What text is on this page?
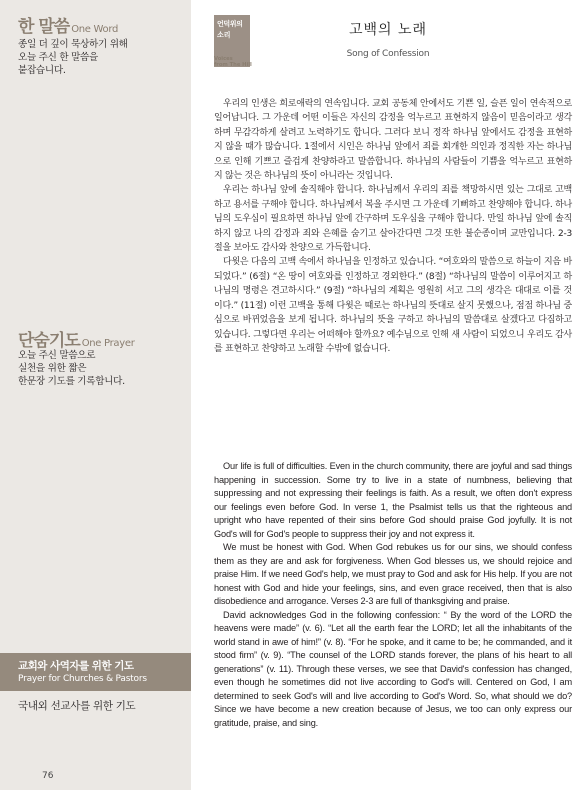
한 말씀 One Word
종일 더 깊이 묵상하기 위해
오늘 주신 한 말씀을
붙잡습니다.
단숨기도 One Prayer
오늘 주신 말씀으로
실천을 위한 짧은
한문장 기도를 기록합니다.
교회와 사역자를 위한 기도
Prayer for Churches & Pastors
국내외 선교사를 위한 기도
76
언덕위의
소리
Voices
from The Hill
고백의 노래
Song of Confession

우리의 인생은 희로애락의 연속입니다. 교회 공동체 안에서도 기쁜 일, 슬픈 일이 연속적으로 일어납니다. 그 가운데 어떤 이들은 자신의 감정을 억누르고 표현하지 않음이 믿음이라고 생각하며 무감각하게 살려고 노력하기도 합니다. 그러다 보니 정작 하나님 앞에서도 감정을 표현하지 않을 때가 많습니다. 1절에서 시인은 하나님 앞에서 죄를 회개한 의인과 정직한 자는 하나님으로 인해 기쁘고 즐겁게 찬양하라고 말씀합니다. 하나님의 사람들이 기쁨을 억누르고 표현하지 않는 것은 하나님의 뜻이 아니라는 것입니다.

우리는 하나님 앞에 솔직해야 합니다. 하나님께서 우리의 죄를 책망하시면 있는 그대로 고백하고 용서를 구해야 합니다. 하나님께서 복을 주시면 그 가운데 기뻐하고 찬양해야 합니다. 하나님의 도우심이 필요하면 하나님 앞에 간구하며 도우심을 구해야 합니다. 만일 하나님 앞에 솔직하지 않고 나의 감정과 죄와 은혜를 숨기고 살아간다면 그것 또한 불순종이며 교만입니다. 2-3절을 보아도 감사와 찬양으로 가득합니다.

다윗은 다음의 고백 속에서 하나님을 인정하고 있습니다. “여호와의 말씀으로 하늘이 지음 바 되었다.” (6절) “온 땅이 여호와를 인정하고 경외한다.” (8절) “하나님의 말씀이 이루어지고 하나님의 명령은 견고하시다.” (9절) “하나님의 계획은 영원히 서고 그의 생각은 대대로 이를 것이다.” (11절) 이런 고백을 통해 다윗은 때로는 하나님의 뜻대로 살지 못했으나, 점점 하나님 중심으로 바뀌었음을 보게 됩니다. 하나님의 뜻을 구하고 하나님의 말씀대로 살겠다고 다짐하고 있습니다. 그렇다면 우리는 어떠해야 할까요? 예수님으로 인해 새 사람이 되었으니 우리도 감사를 표현하고 찬양하고 노래할 수밖에 없습니다.

Our life is full of difficulties. Even in the church community, there are joyful and sad things happening in succession. Some try to live in a state of numbness, believing that suppressing and not expressing their feelings is faith. As a result, we often don't express our feelings even before God. In verse 1, the Psalmist tells us that the righteous and upright who have repented of their sins before God should praise God joyfully. It is not God's will for God's people to suppress their joy and not express it.

We must be honest with God. When God rebukes us for our sins, we should confess them as they are and ask for forgiveness. When God blesses us, we should rejoice and praise Him. If we need God's help, we must pray to God and ask for His help. If you are not honest with God and hide your feelings, sins, and even grace received, then that is also disobedience and arrogance. Verses 2-3 are full of thanksgiving and praise.

David acknowledges God in the following confession: “ By the word of the LORD the heavens were made” (v. 6). “Let all the earth fear the LORD; let all the inhabitants of the world stand in awe of him!” (v. 8). “For he spoke, and it came to be; he commanded, and it stood firm” (v. 9). “The counsel of the LORD stands forever, the plans of his heart to all generations” (v. 11). Through these verses, we see that David's confession has changed, even though he sometimes did not live according to God's will. Centered on God, I am determined to seek God's will and live according to God's Word. So, what should we do? Since we have become a new creation because of Jesus, we too can only express our gratitude, praise, and sing.
